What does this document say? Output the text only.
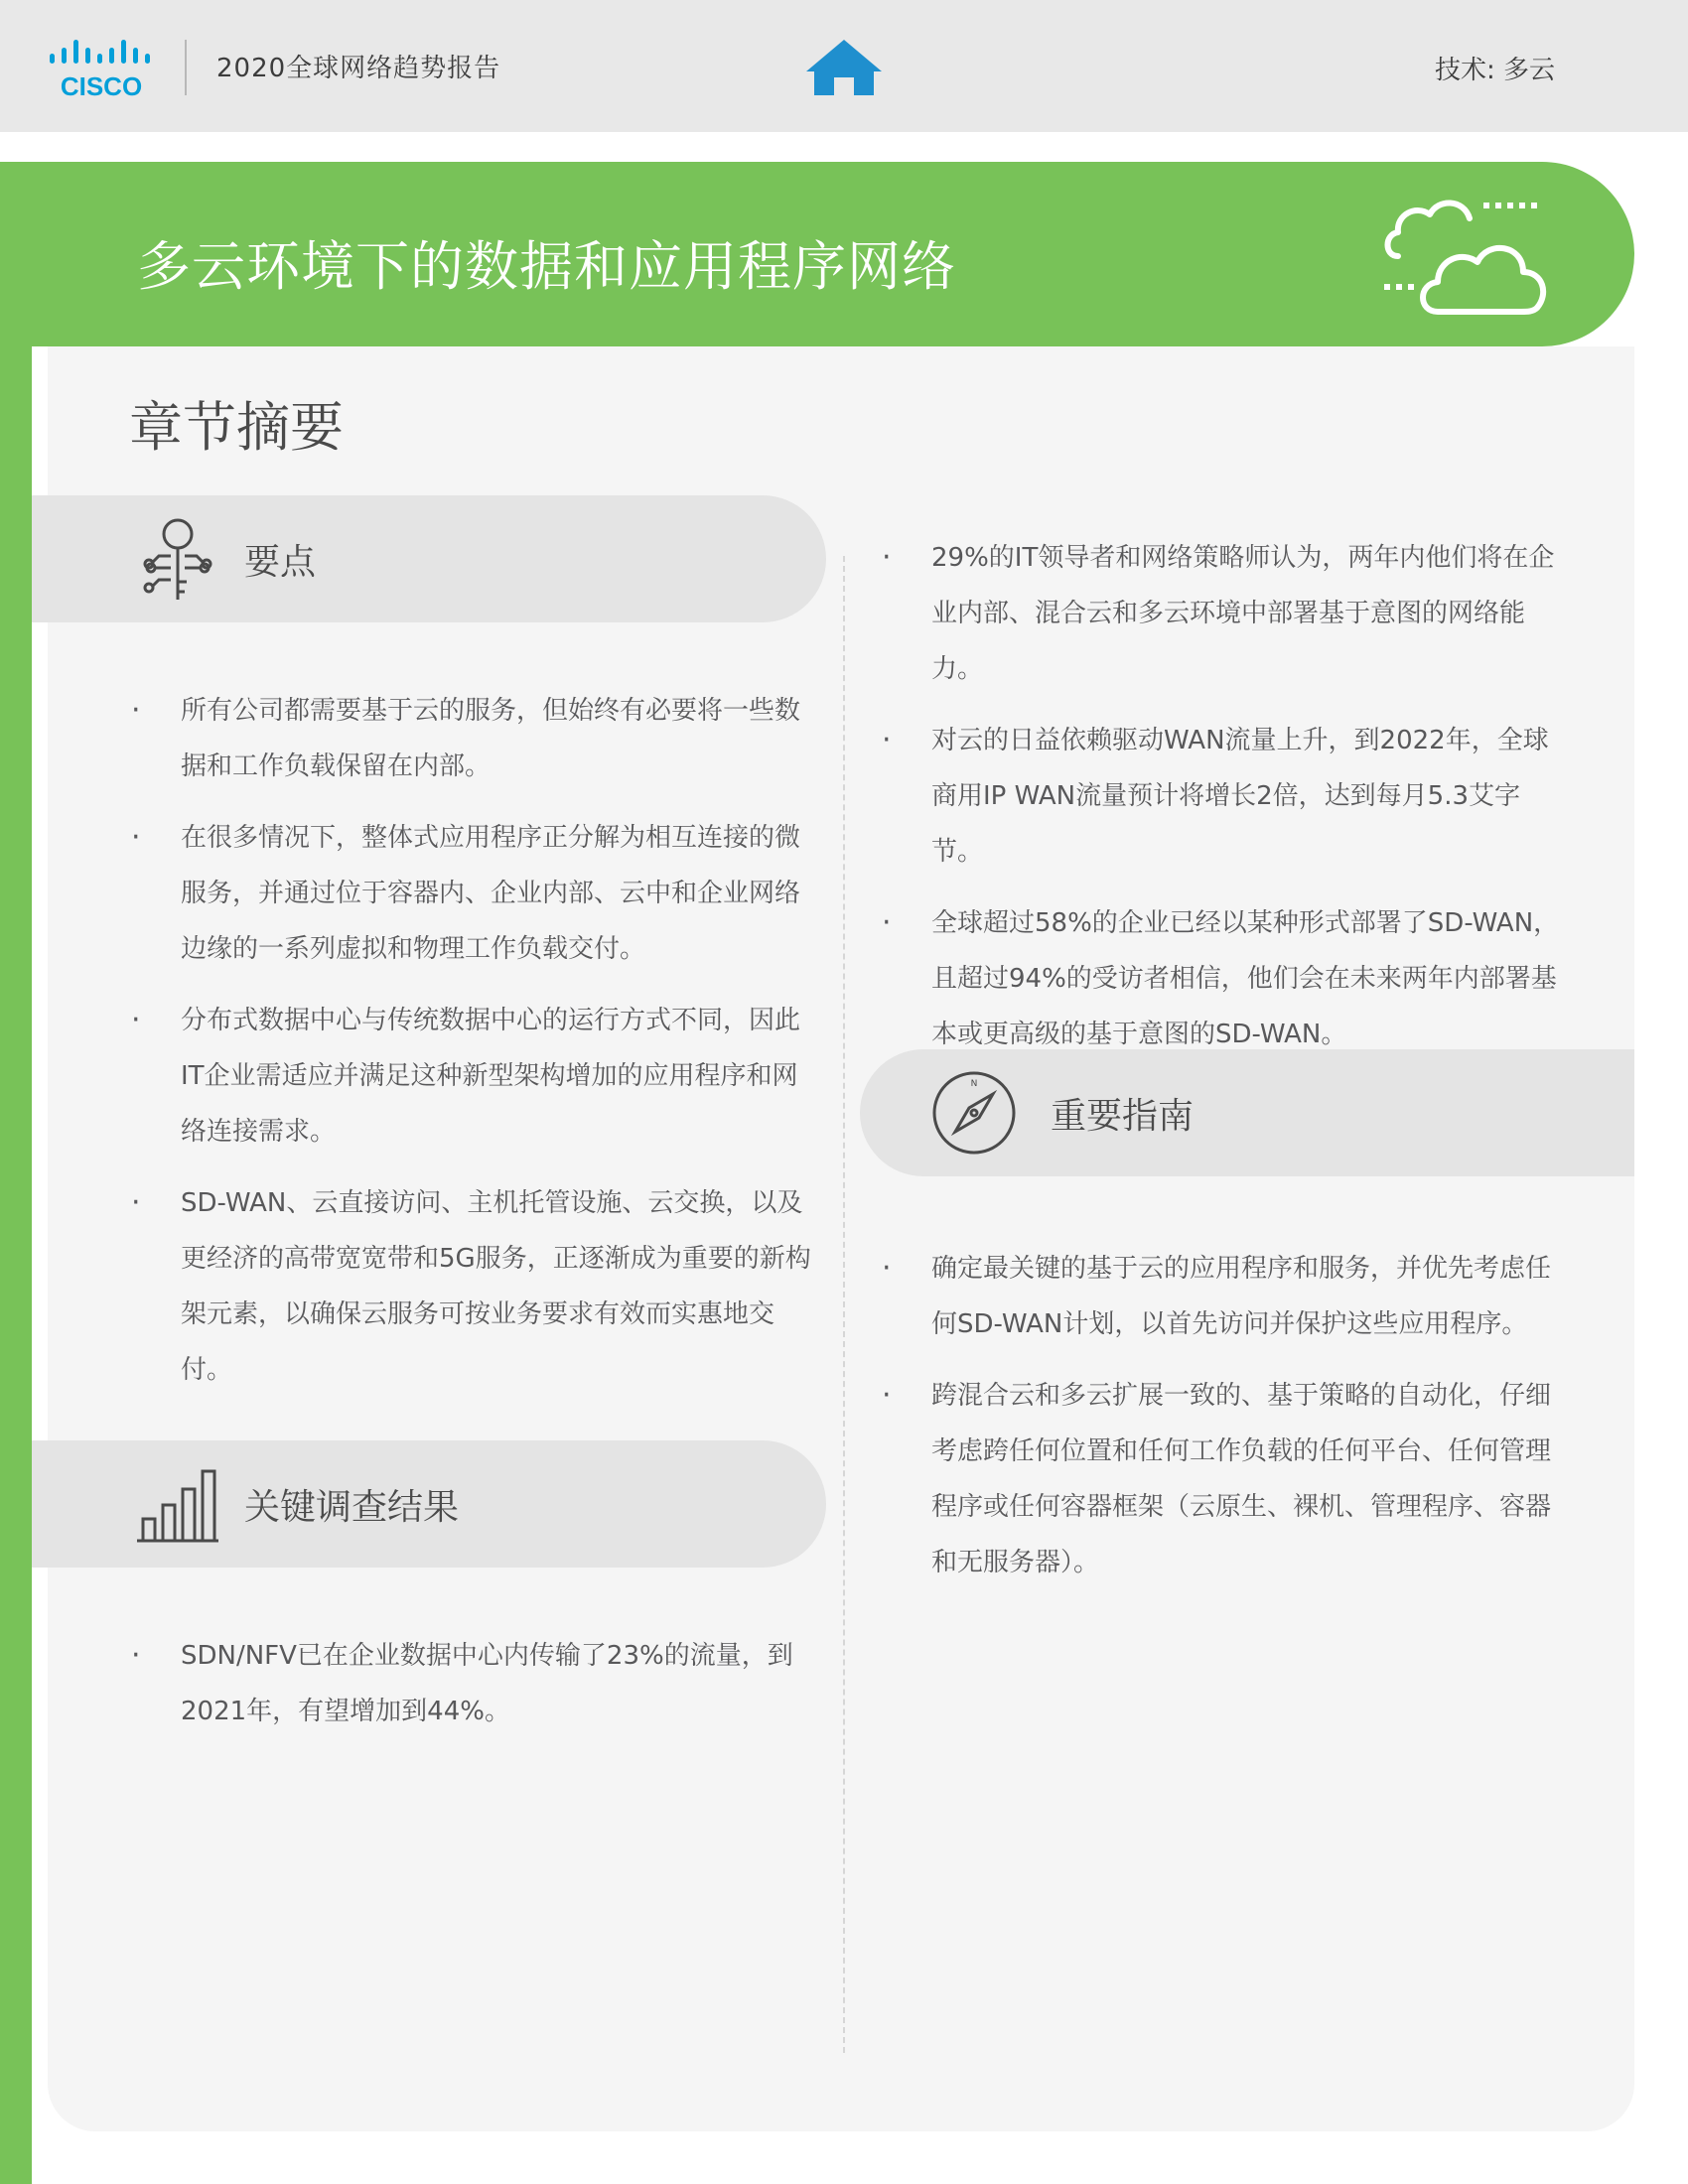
CISCO
2020全球网络趋势报告	技术: 多云
多云环境下的数据和应用程序网络
章节摘要
要点
· 所有公司都需要基于云的服务，但始终有必要将一些数据和工作负载保留在内部。
· 在很多情况下，整体式应用程序正分解为相互连接的微服务，并通过位于容器内、企业内部、云中和企业网络边缘的一系列虚拟和物理工作负载交付。
· 分布式数据中心与传统数据中心的运行方式不同，因此IT企业需适应并满足这种新型架构增加的应用程序和网络连接需求。
· SD-WAN、云直接访问、主机托管设施、云交换，以及更经济的高带宽宽带和5G服务，正逐渐成为重要的新构架元素，以确保云服务可按业务要求有效而实惠地交付。
关键调查结果
· SDN/NFV已在企业数据中心内传输了23%的流量，到2021年，有望增加到44%。
· 29%的IT领导者和网络策略师认为，两年内他们将在企业内部、混合云和多云环境中部署基于意图的网络能力。
· 对云的日益依赖驱动WAN流量上升，到2022年，全球商用IP WAN流量预计将增长2倍，达到每月5.3艾字节。
· 全球超过58%的企业已经以某种形式部署了SD-WAN，且超过94%的受访者相信，他们会在未来两年内部署基本或更高级的基于意图的SD-WAN。
N
重要指南
· 确定最关键的基于云的应用程序和服务，并优先考虑任何SD-WAN计划，以首先访问并保护这些应用程序。
· 跨混合云和多云扩展一致的、基于策略的自动化，仔细考虑跨任何位置和任何工作负载的任何平台、任何管理程序或任何容器框架（云原生、裸机、管理程序、容器和无服务器）。
